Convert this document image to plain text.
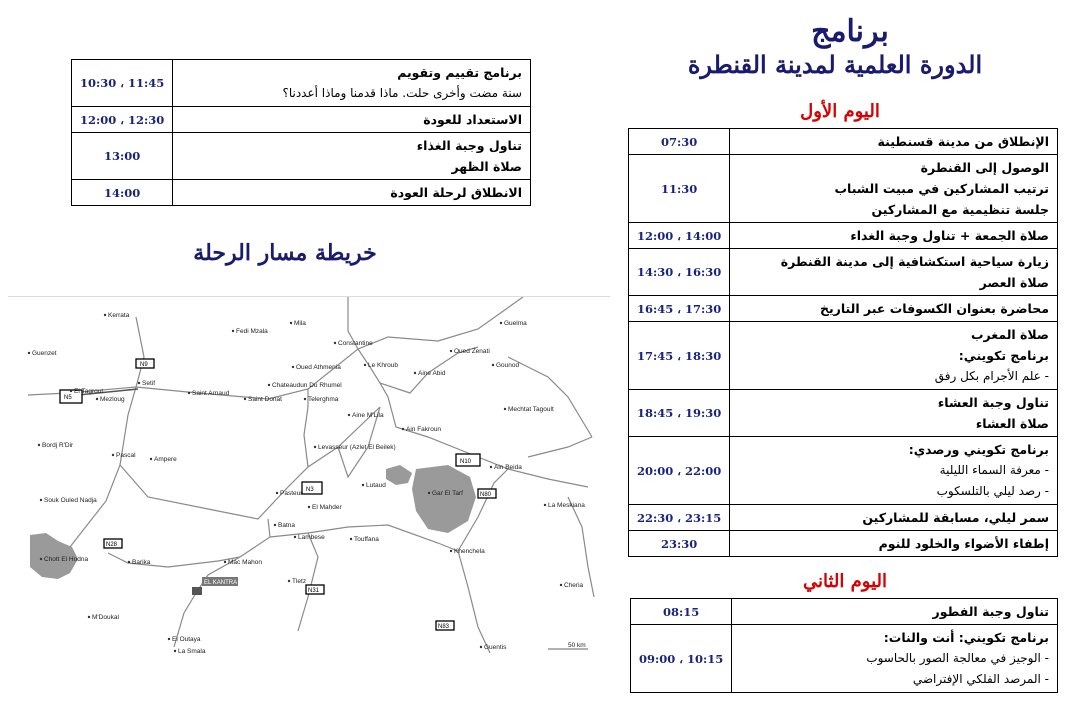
برنامج
الدورة العلمية لمدينة القنطرة
اليوم الأول
الإنطلاق من مدينة قسنطينة	07:30

الوصول إلى القنطرة
ترتيب المشاركين في مبيت الشباب
جلسة تنظيمية مع المشاركين	11:30

صلاة الجمعة + تناول وجبة الغداء	12:00 ، 14:00

زيارة سياحية استكشافية إلى مدينة القنطرة
صلاة العصر	14:30 ، 16:30

محاضرة بعنوان الكسوفات عبر التاريخ	16:45 ، 17:30

صلاة المغرب
برنامج تكويني:
- علم الأجرام بكل رفق	17:45 ، 18:30

تناول وجبة العشاء
صلاة العشاء	18:45 ، 19:30

برنامج تكويني ورصدي:
- معرفة السماء الليلية
- رصد ليلي بالتلسكوب	20:00 ، 22:00

سمر ليلي، مسابقة للمشاركين	22:30 ، 23:15

إطفاء الأضواء والخلود للنوم	23:30
اليوم الثاني
تناول وجبة الفطور	08:15

برنامج تكويني: أنت والنات:
- الوجيز في معالجة الصور بالحاسوب
- المرصد الفلكي الإفتراضي	09:00 ، 10:15
برنامج تقييم وتقويم
سنة مضت وأخرى حلت. ماذا قدمنا وماذا أعددنا؟	10:30 ، 11:45

الاستعداد للعودة	12:00 ، 12:30

تناول وجبة الغذاء
صلاة الظهر	13:00

الانطلاق لرحلة العودة	14:00
خريطة مسار الرحلة
N5
N9
N3
N10
N80
N28
N31
N83
EL KANTRA
Kerrata
Fedi Mzala
Mila	Guelma
Guenzet
Constantine
Oued Zenati
Gounod
Setif
Oued Athmenia	Le Khroub
Aine Abid
Mezloug
Saint Arnaud
Chateaudun Du Rhumel
Saint Donat	Telerghma
Mechtat Tagoult
Bordj R'Dir
Aine M'Lila
Ain Fakroun
Levasseur (Azlet El Beilek)
Pascal
Ampere
Ain Beida
Lutaud
Gar El Tarf
Souk Ouled Nadja
Pasteur
El Mahder	La Meskiana
Batna
Lambese	Touffana
Khenchela
Chott El Hodna	Barika	Mac Mahon
Tletz
Cheria
M'Doukal
El Outaya
La Smala
Guentis
El Tagrout
50 km
